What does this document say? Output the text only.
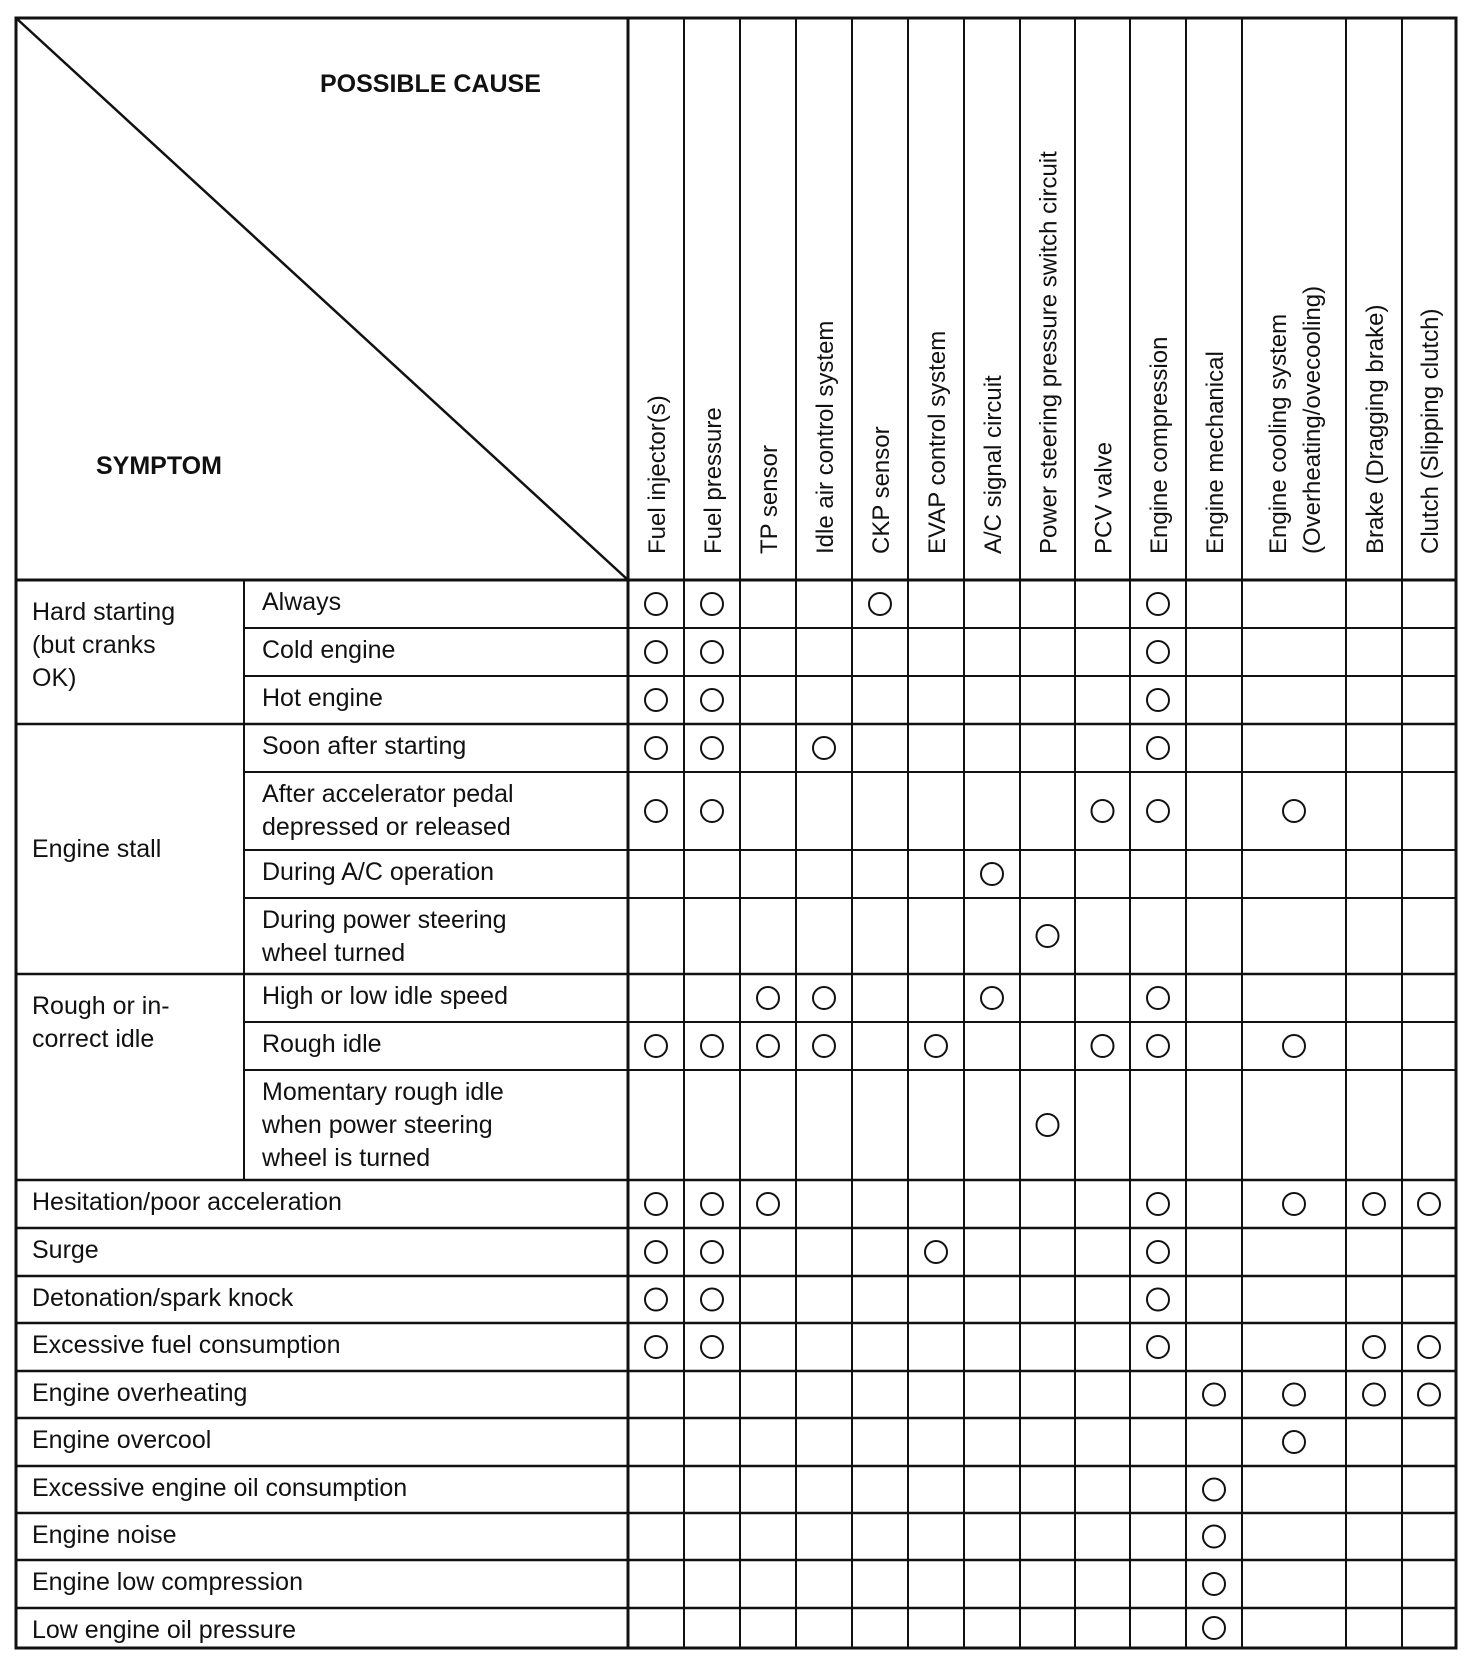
POSSIBLE CAUSE
SYMPTOM	Fuel injector(s) Fuel pressure TP sensor Idle air control system CKP sensor EVAP control system A/C signal circuit Power steering pressure switch circuit PCV valve Engine compression Engine mechanical Engine cooling system (Overheating/ovecooling) Brake (Dragging brake) Clutch (Slipping clutch)
Hard starting
(but cranks
OK)
Always
Cold engine
Hot engine
Engine stall
Soon after starting
After accelerator pedal
depressed or released
During A/C operation
During power steering
wheel turned
Rough or in-
correct idle
High or low idle speed
Rough idle
Momentary rough idle
when power steering
wheel is turned
Hesitation/poor acceleration
Surge
Detonation/spark knock
Excessive fuel consumption
Engine overheating
Engine overcool
Excessive engine oil consumption
Engine noise
Engine low compression
Low engine oil pressure
